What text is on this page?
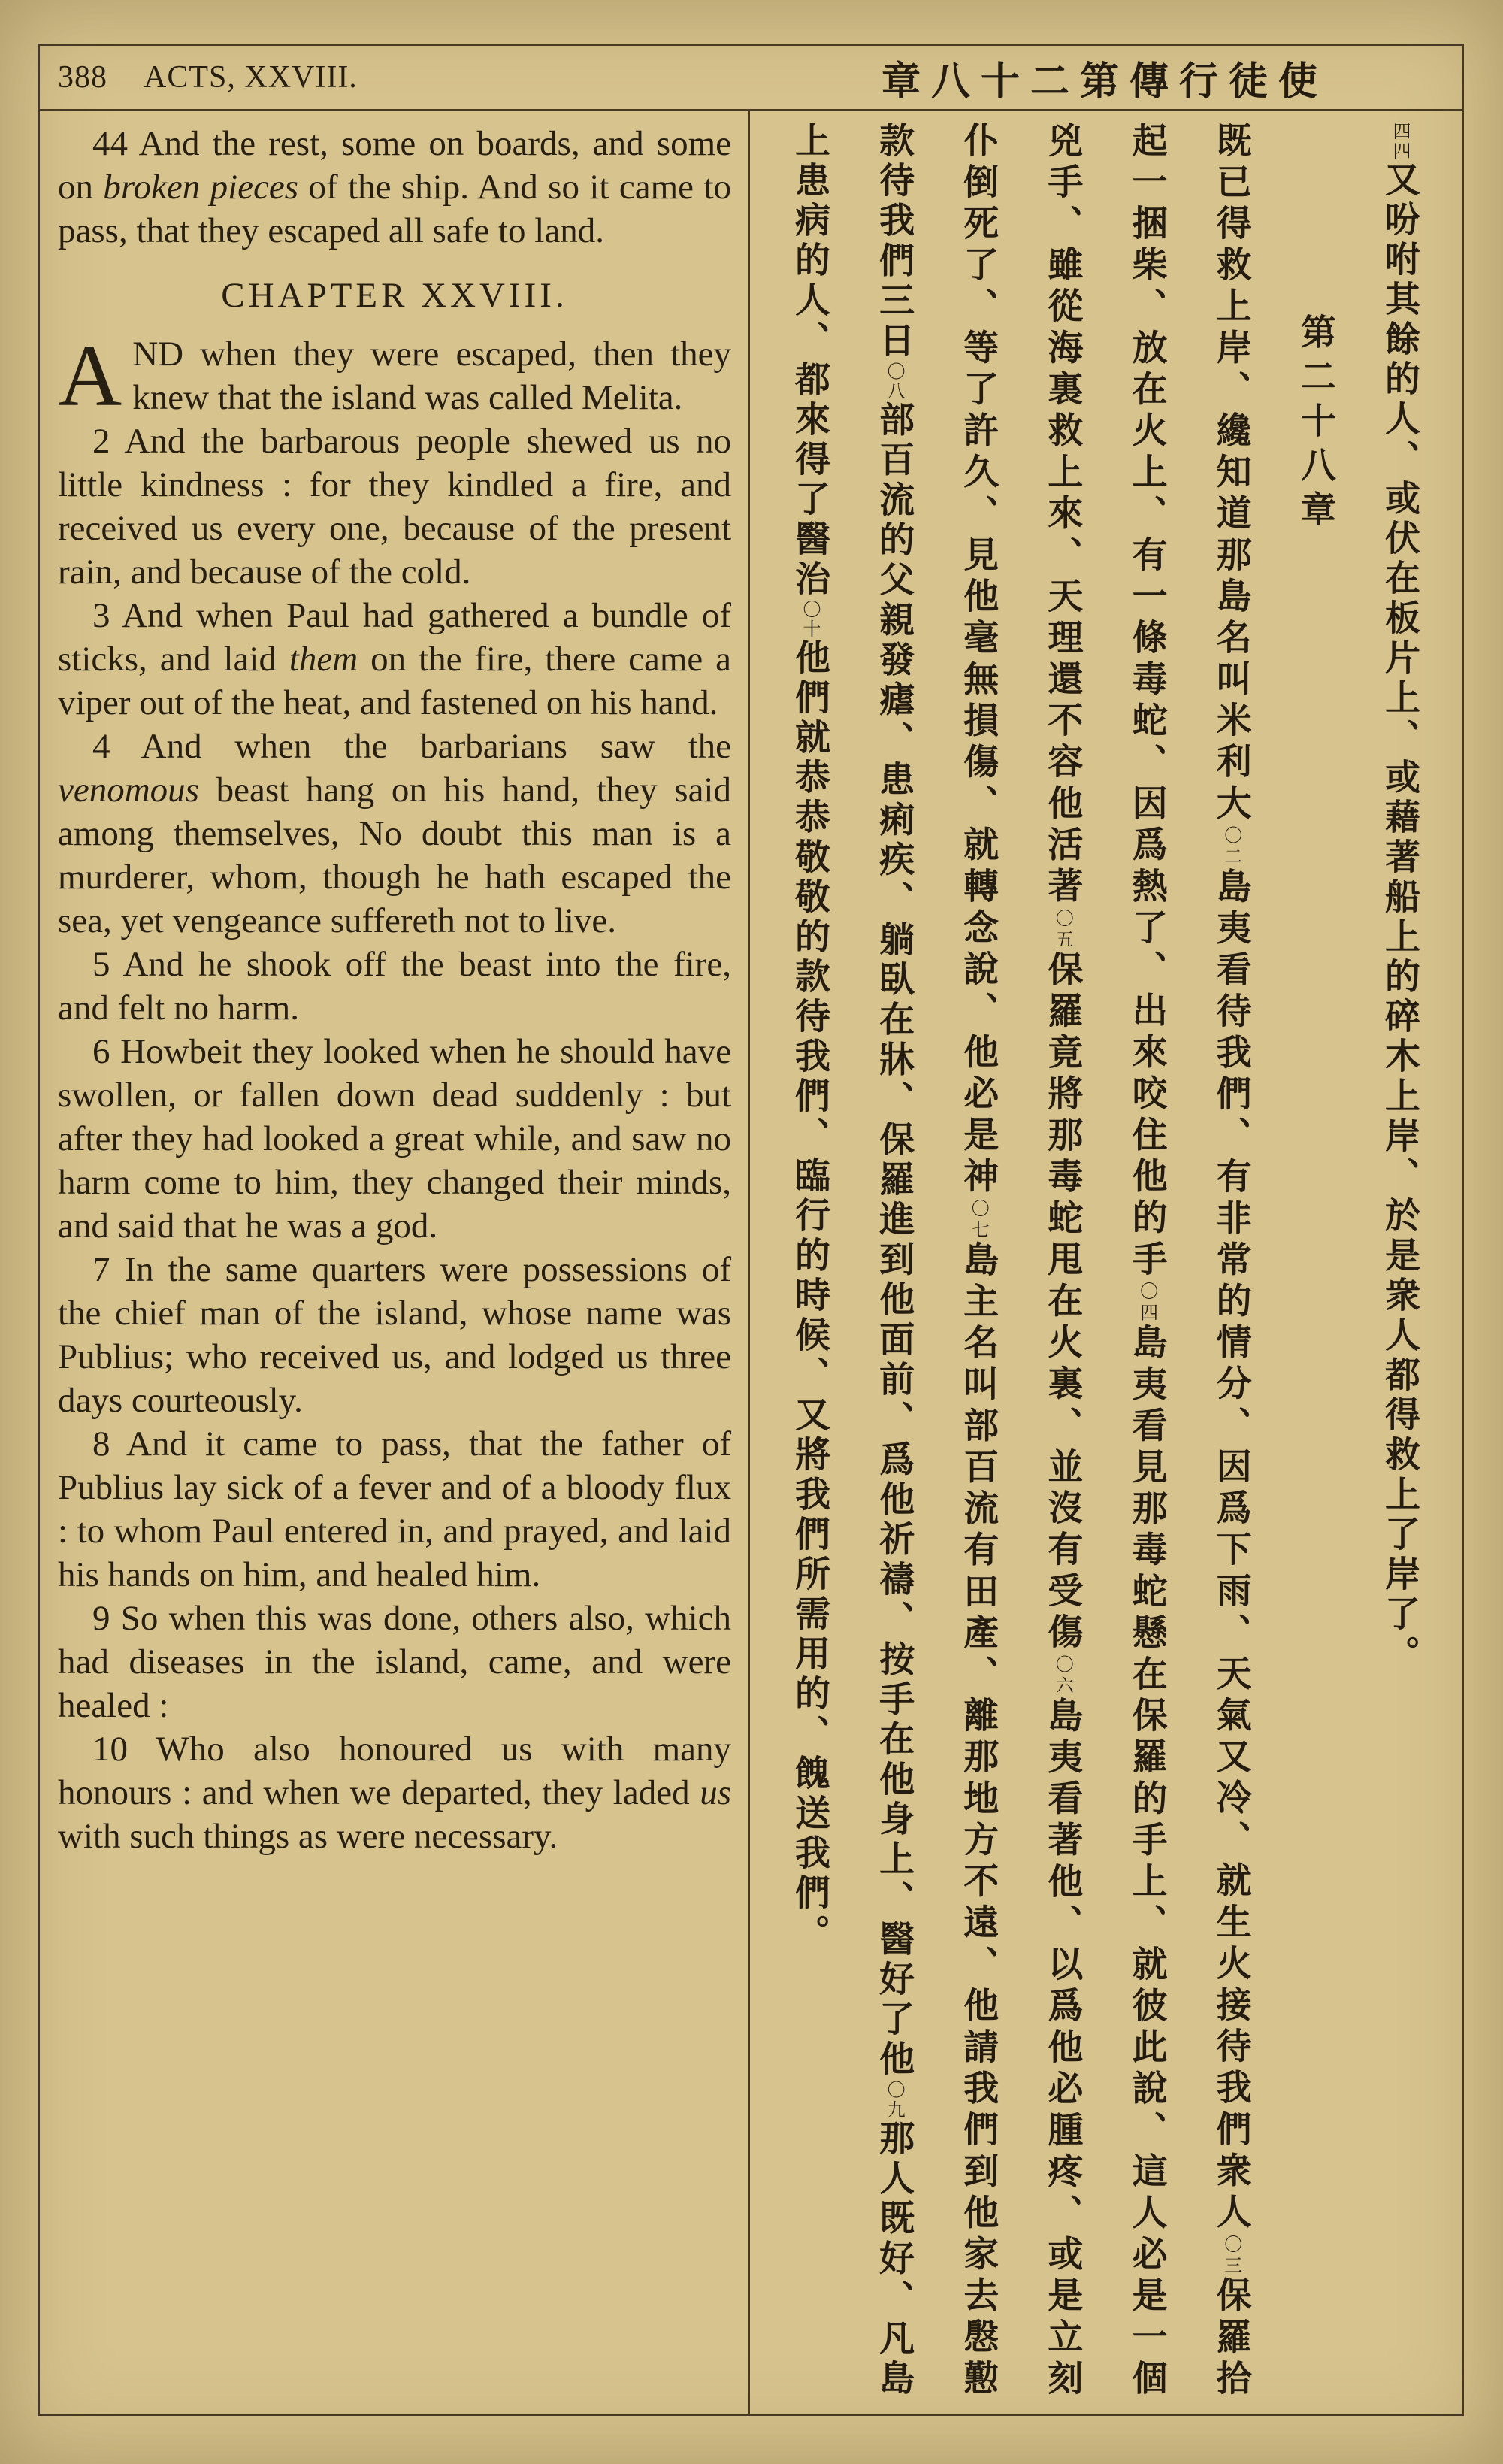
388 ACTS, XXVIII.	章八十二第傳行徒使

44 And the rest, some on boards, and some on broken pieces of the ship. And so it came to pass, that they escaped all safe to land.

CHAPTER XXVIII.

AND when they were escaped, then they knew that the island was called Melita.

2 And the barbarous people shewed us no little kindness : for they kindled a fire, and received us every one, because of the present rain, and because of the cold.

3 And when Paul had gathered a bundle of sticks, and laid them on the fire, there came a viper out of the heat, and fastened on his hand.

4 And when the barbarians saw the venomous beast hang on his hand, they said among themselves, No doubt this man is a murderer, whom, though he hath escaped the sea, yet vengeance suffereth not to live.

5 And he shook off the beast into the fire, and felt no harm.

6 Howbeit they looked when he should have swollen, or fallen down dead suddenly : but after they had looked a great while, and saw no harm come to him, they changed their minds, and said that he was a god.

7 In the same quarters were possessions of the chief man of the island, whose name was Publius; who received us, and lodged us three days courteously.

8 And it came to pass, that the father of Publius lay sick of a fever and of a bloody flux : to whom Paul entered in, and prayed, and laid his hands on him, and healed him.

9 So when this was done, others also, which had diseases in the island, came, and were healed :

10 Who also honoured us with many honours : and when we departed, they laded us with such things as were necessary.

四四又吩咐其餘的人、或伏在板片上、或藉著船上的碎木上岸、於是衆人都得救上了岸了。
第二十八章
既已得救上岸、纔知道那島名叫米利大〇二島夷看待我們、有非常的情分、因爲下雨、天氣又冷、就生火接待我們衆人〇三保羅拾
起一捆柴、放在火上、有一條毒蛇、因爲熱了、出來咬住他的手〇四島夷看見那毒蛇懸在保羅的手上、就彼此說、這人必是一個
兇手、雖從海裏救上來、天理還不容他活著〇五保羅竟將那毒蛇甩在火裏、並沒有受傷〇六島夷看著他、以爲他必腫疼、或是立刻
仆倒死了、等了許久、見他毫無損傷、就轉念說、他必是神〇七島主名叫部百流有田產、離那地方不遠、他請我們到他家去慇懃
款待我們三日〇八部百流的父親發瘧、患痢疾、躺臥在牀、保羅進到他面前、爲他祈禱、按手在他身上、醫好了他〇九那人既好、凡島
上患病的人、都來得了醫治〇十他們就恭恭敬敬的款待我們、臨行的時候、又將我們所需用的、餽送我們。
